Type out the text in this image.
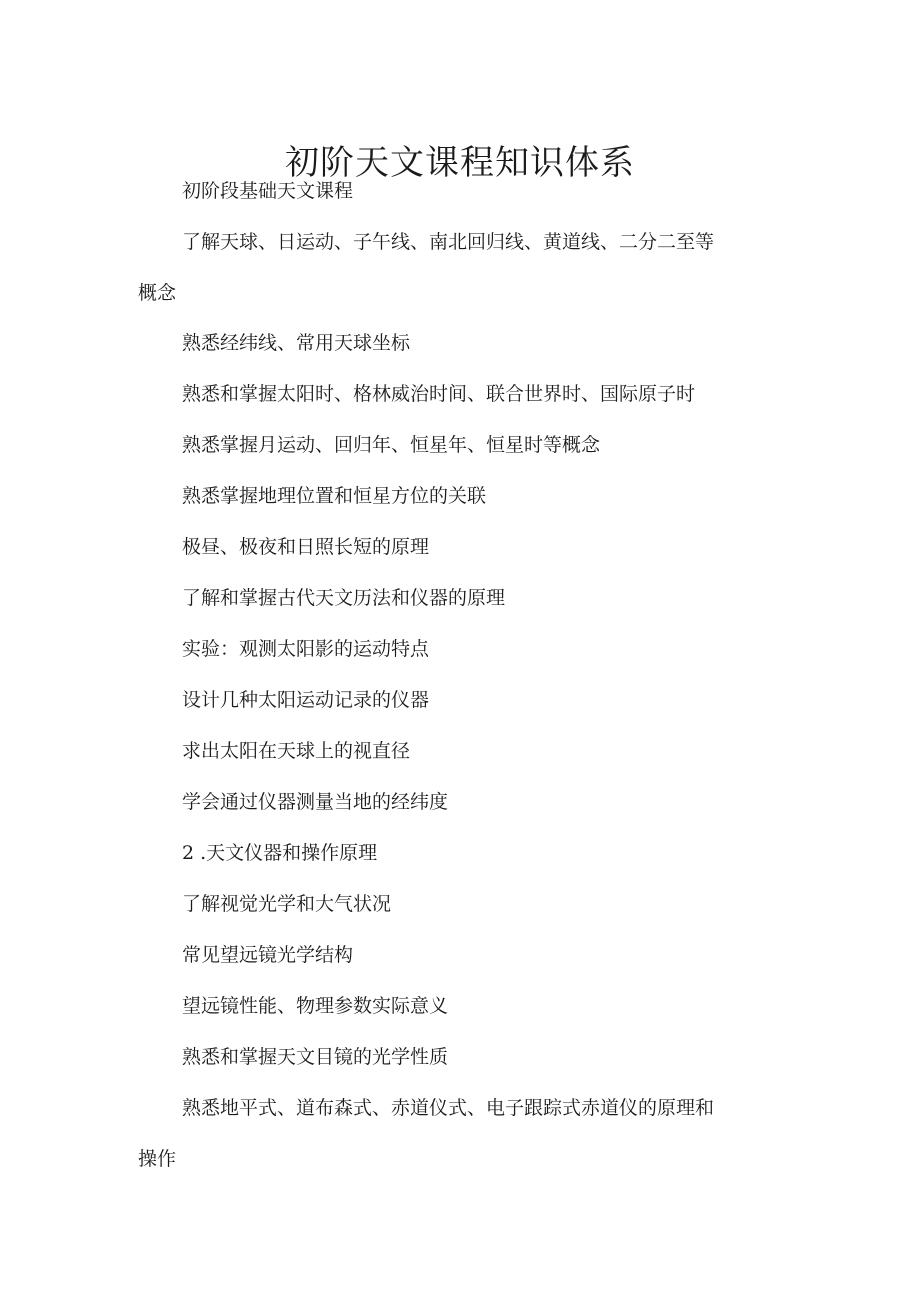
初阶天文课程知识体系

初阶段基础天文课程

了解天球、日运动、子午线、南北回归线、黄道线、二分二至等概念

熟悉经纬线、常用天球坐标

熟悉和掌握太阳时、格林威治时间、联合世界时、国际原子时

熟悉掌握月运动、回归年、恒星年、恒星时等概念

熟悉掌握地理位置和恒星方位的关联

极昼、极夜和日照长短的原理

了解和掌握古代天文历法和仪器的原理

实验：观测太阳影的运动特点

设计几种太阳运动记录的仪器

求出太阳在天球上的视直径

学会通过仪器测量当地的经纬度

2 .天文仪器和操作原理

了解视觉光学和大气状况

常见望远镜光学结构

望远镜性能、物理参数实际意义

熟悉和掌握天文目镜的光学性质

熟悉地平式、道布森式、赤道仪式、电子跟踪式赤道仪的原理和操作
